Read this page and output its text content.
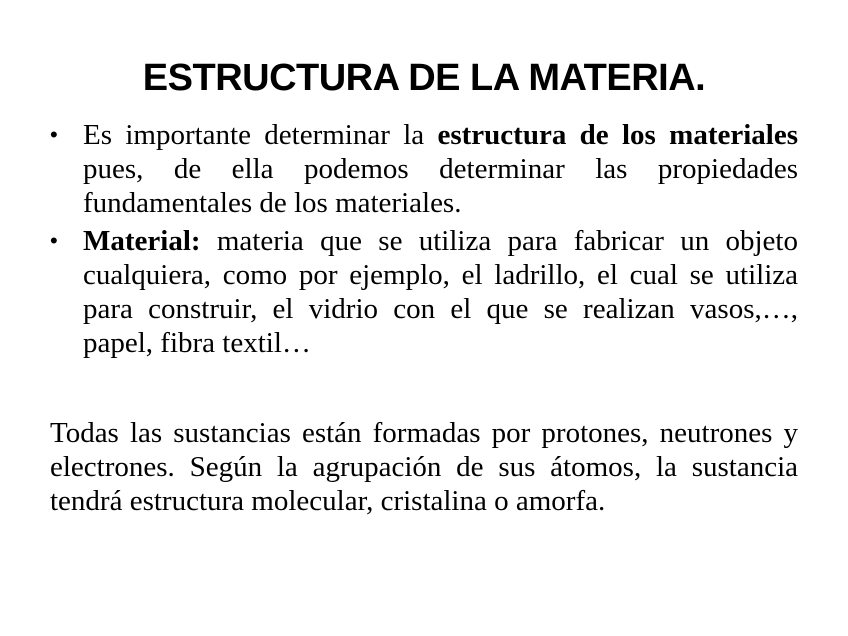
ESTRUCTURA DE LA MATERIA.
• Es importante determinar la estructura de los materiales pues, de ella podemos determinar las propiedades fundamentales de los materiales.
• Material: materia que se utiliza para fabricar un objeto cualquiera, como por ejemplo, el ladrillo, el cual se utiliza para construir, el vidrio con el que se realizan vasos,…, papel, fibra textil…

Todas las sustancias están formadas por protones, neutrones y electrones. Según la agrupación de sus átomos, la sustancia tendrá estructura molecular, cristalina o amorfa.
